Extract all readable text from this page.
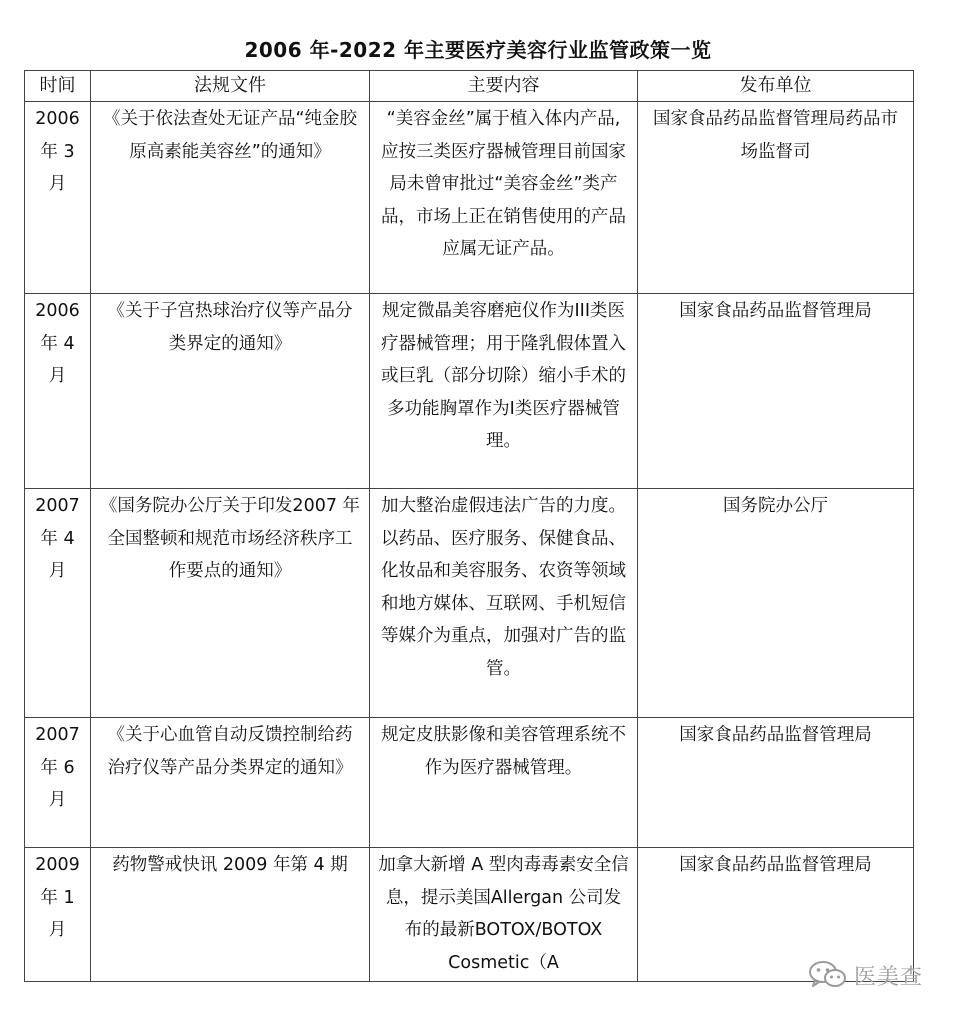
2006 年-2022 年主要医疗美容行业监管政策一览
时间	法规文件	主要内容	发布单位
2006 年 3 月	《关于依法查处无证产品“纯金胶原高素能美容丝”的通知》	“美容金丝”属于植入体内产品,应按三类医疗器械管理目前国家局未曾审批过“美容金丝”类产品，市场上正在销售使用的产品应属无证产品。	国家食品药品监督管理局药品市场监督司
2006 年 4 月	《关于子宫热球治疗仪等产品分类界定的通知》	规定微晶美容磨疤仪作为III类医疗器械管理；用于隆乳假体置入或巨乳（部分切除）缩小手术的多功能胸罩作为Ⅰ类医疗器械管理。	国家食品药品监督管理局
2007 年 4 月	《国务院办公厅关于印发2007 年全国整顿和规范市场经济秩序工作要点的通知》	加大整治虚假违法广告的力度。以药品、医疗服务、保健食品、化妆品和美容服务、农资等领域和地方媒体、互联网、手机短信等媒介为重点，加强对广告的监管。	国务院办公厅
2007 年 6 月	《关于心血管自动反馈控制给药治疗仪等产品分类界定的通知》	规定皮肤影像和美容管理系统不作为医疗器械管理。	国家食品药品监督管理局
2009 年 1 月	药物警戒快讯 2009 年第 4 期	加拿大新增 A 型肉毒毒素安全信息，提示美国Allergan 公司发布的最新BOTOX/BOTOX Cosmetic（A	国家食品药品监督管理局
医美查
